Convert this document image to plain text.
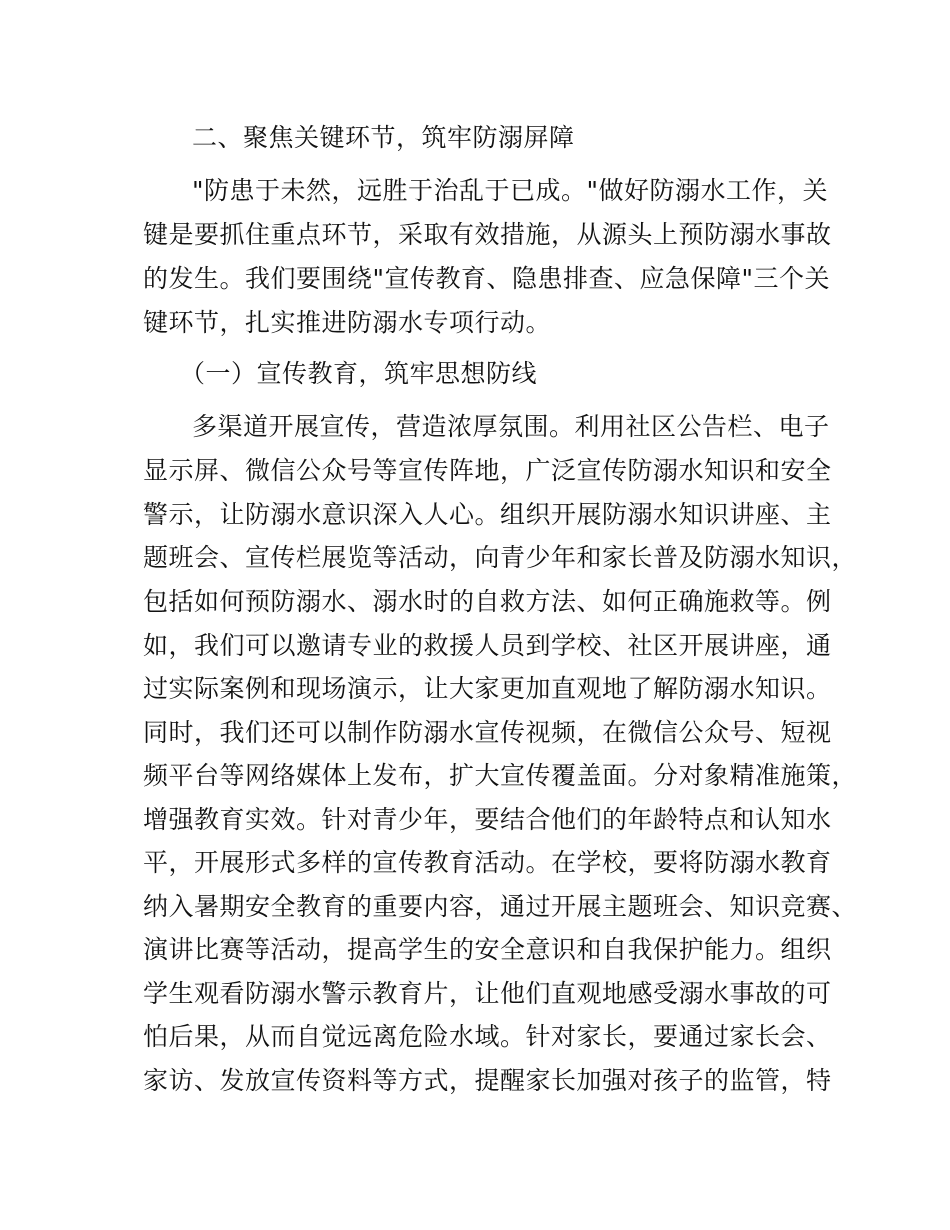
二、聚焦关键环节，筑牢防溺屏障
"防患于未然，远胜于治乱于已成。"做好防溺水工作，关
键是要抓住重点环节，采取有效措施，从源头上预防溺水事故
的发生。我们要围绕"宣传教育、隐患排查、应急保障"三个关
键环节，扎实推进防溺水专项行动。
（一）宣传教育，筑牢思想防线
多渠道开展宣传，营造浓厚氛围。利用社区公告栏、电子
显示屏、微信公众号等宣传阵地，广泛宣传防溺水知识和安全
警示，让防溺水意识深入人心。组织开展防溺水知识讲座、主
题班会、宣传栏展览等活动，向青少年和家长普及防溺水知识，
包括如何预防溺水、溺水时的自救方法、如何正确施救等。例
如，我们可以邀请专业的救援人员到学校、社区开展讲座，通
过实际案例和现场演示，让大家更加直观地了解防溺水知识。
同时，我们还可以制作防溺水宣传视频，在微信公众号、短视
频平台等网络媒体上发布，扩大宣传覆盖面。分对象精准施策，
增强教育实效。针对青少年，要结合他们的年龄特点和认知水
平，开展形式多样的宣传教育活动。在学校，要将防溺水教育
纳入暑期安全教育的重要内容，通过开展主题班会、知识竞赛、
演讲比赛等活动，提高学生的安全意识和自我保护能力。组织
学生观看防溺水警示教育片，让他们直观地感受溺水事故的可
怕后果，从而自觉远离危险水域。针对家长，要通过家长会、
家访、发放宣传资料等方式，提醒家长加强对孩子的监管，特
